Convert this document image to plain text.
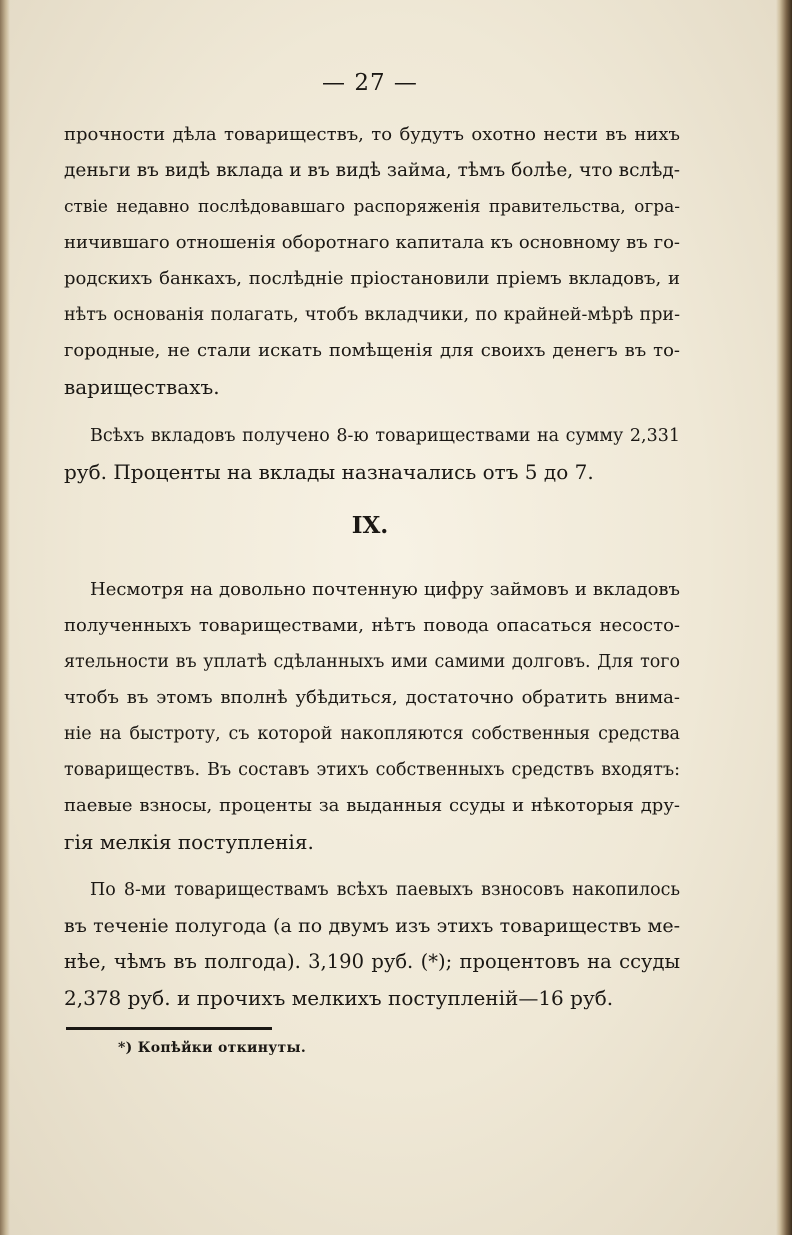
— 27 —
прочности дѣла товариществъ, то будутъ охотно нести въ нихъ
деньги въ видѣ вклада и въ видѣ займа, тѣмъ болѣе, что вслѣд-
ствіе недавно послѣдовавшаго распоряженія правительства, огра-
ничившаго отношенія оборотнаго капитала къ основному въ го-
родскихъ банкахъ, послѣдніе пріостановили пріемъ вкладовъ, и
нѣтъ основанія полагать, чтобъ вкладчики, по крайней-мѣрѣ при-
городные, не стали искать помѣщенія для своихъ денегъ въ то-
вариществахъ.
Всѣхъ вкладовъ получено 8-ю товариществами на сумму 2,331
руб. Проценты на вклады назначались отъ 5 до 7.
IX.
Несмотря на довольно почтенную цифру займовъ и вкладовъ
полученныхъ товариществами, нѣтъ повода опасаться несосто-
ятельности въ уплатѣ сдѣланныхъ ими самими долговъ. Для того
чтобъ въ этомъ вполнѣ убѣдиться, достаточно обратить внима-
ніе на быстроту, съ которой накопляются собственныя средства
товариществъ. Въ составъ этихъ собственныхъ средствъ входятъ:
паевые взносы, проценты за выданныя ссуды и нѣкоторыя дру-
гія мелкія поступленія.
По 8-ми товариществамъ всѣхъ паевыхъ взносовъ накопилось
въ теченіе полугода (а по двумъ изъ этихъ товариществъ ме-
нѣе, чѣмъ въ полгода). 3,190 руб. (*); процентовъ на ссуды
2,378 руб. и прочихъ мелкихъ поступленій—16 руб.
*) Копѣйки откинуты.
